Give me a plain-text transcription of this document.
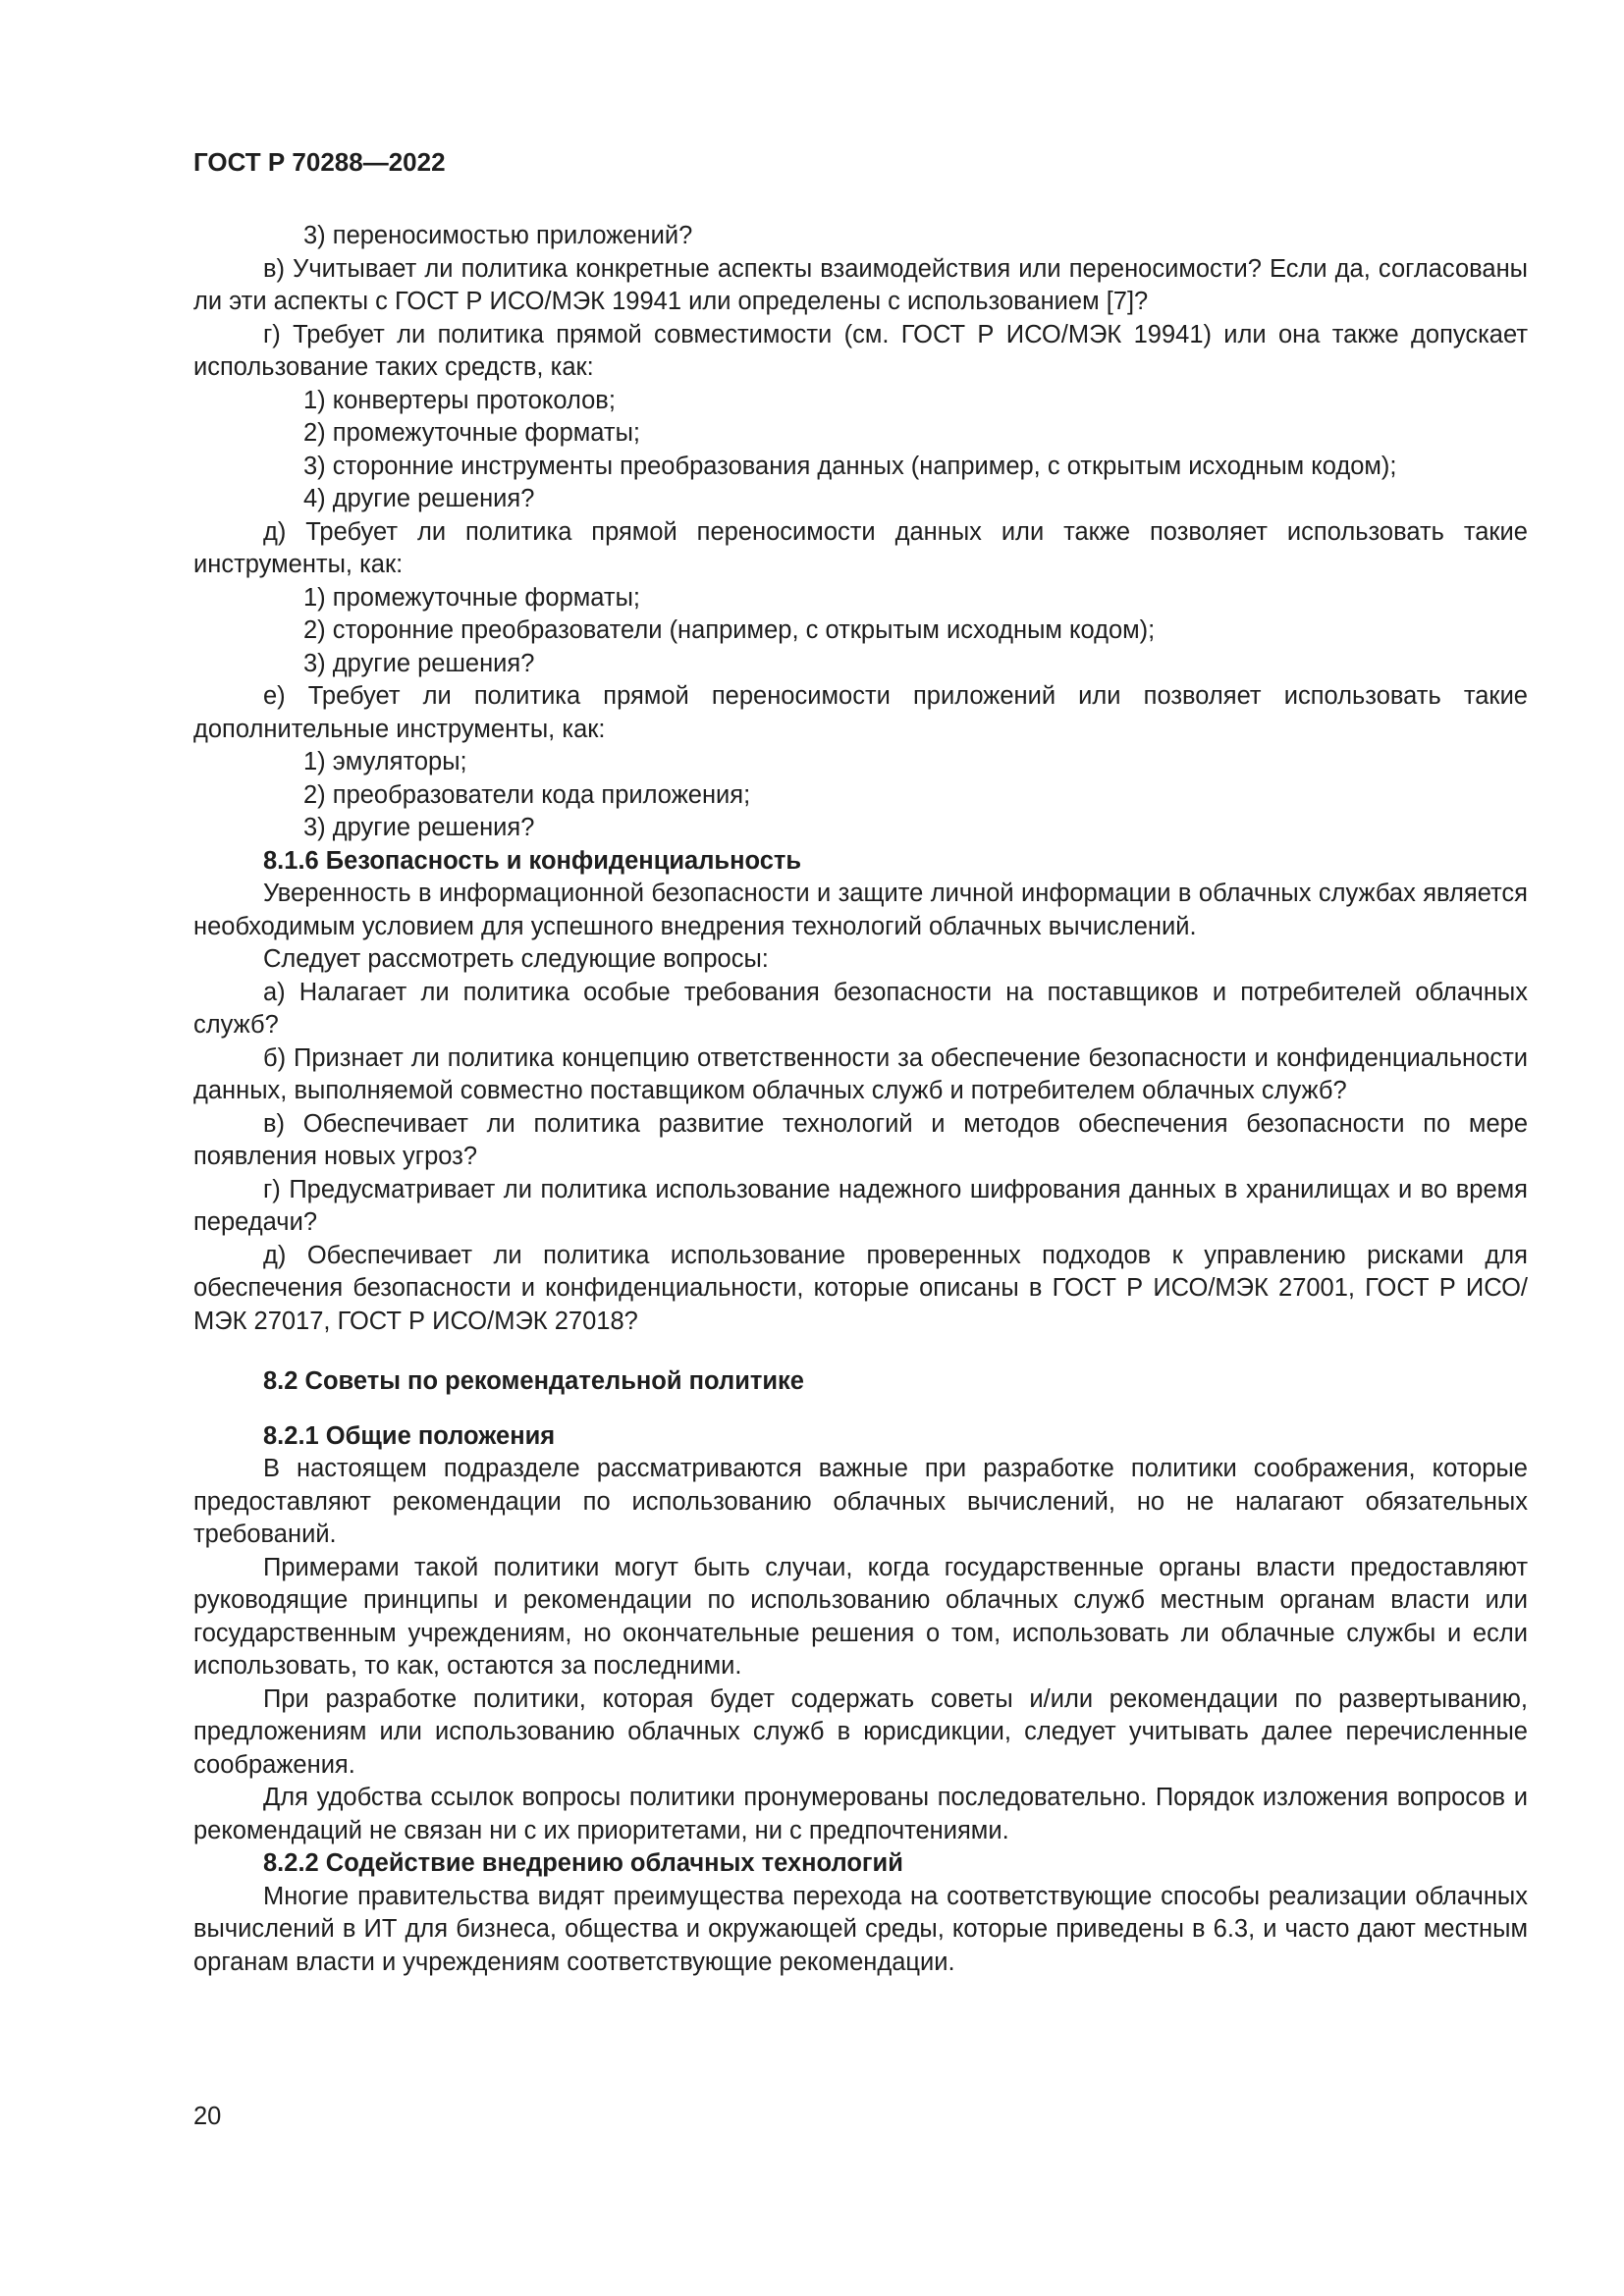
ГОСТ Р 70288—2022

3) переносимостью приложений?

в) Учитывает ли политика конкретные аспекты взаимодействия или переносимости? Если да, согласованы ли эти аспекты с ГОСТ Р ИСО/МЭК 19941 или определены с использованием [7]?

г) Требует ли политика прямой совместимости (см. ГОСТ Р ИСО/МЭК 19941) или она также допускает использование таких средств, как:

1) конвертеры протоколов;

2) промежуточные форматы;

3) сторонние инструменты преобразования данных (например, с открытым исходным кодом);

4) другие решения?

д) Требует ли политика прямой переносимости данных или также позволяет использовать такие инструменты, как:

1) промежуточные форматы;

2) сторонние преобразователи (например, с открытым исходным кодом);

3) другие решения?

е) Требует ли политика прямой переносимости приложений или позволяет использовать такие дополнительные инструменты, как:

1) эмуляторы;

2) преобразователи кода приложения;

3) другие решения?

8.1.6 Безопасность и конфиденциальность

Уверенность в информационной безопасности и защите личной информации в облачных службах является необходимым условием для успешного внедрения технологий облачных вычислений.

Следует рассмотреть следующие вопросы:

а) Налагает ли политика особые требования безопасности на поставщиков и потребителей облачных служб?

б) Признает ли политика концепцию ответственности за обеспечение безопасности и конфиденциальности данных, выполняемой совместно поставщиком облачных служб и потребителем облачных служб?

в) Обеспечивает ли политика развитие технологий и методов обеспечения безопасности по мере появления новых угроз?

г) Предусматривает ли политика использование надежного шифрования данных в хранилищах и во время передачи?

д) Обеспечивает ли политика использование проверенных подходов к управлению рисками для обеспечения безопасности и конфиденциальности, которые описаны в ГОСТ Р ИСО/МЭК 27001, ГОСТ Р ИСО/МЭК 27017, ГОСТ Р ИСО/МЭК 27018?

8.2 Советы по рекомендательной политике

8.2.1 Общие положения

В настоящем подразделе рассматриваются важные при разработке политики соображения, которые предоставляют рекомендации по использованию облачных вычислений, но не налагают обязательных требований.

Примерами такой политики могут быть случаи, когда государственные органы власти предоставляют руководящие принципы и рекомендации по использованию облачных служб местным органам власти или государственным учреждениям, но окончательные решения о том, использовать ли облачные службы и если использовать, то как, остаются за последними.

При разработке политики, которая будет содержать советы и/или рекомендации по развертыванию, предложениям или использованию облачных служб в юрисдикции, следует учитывать далее перечисленные соображения.

Для удобства ссылок вопросы политики пронумерованы последовательно. Порядок изложения вопросов и рекомендаций не связан ни с их приоритетами, ни с предпочтениями.

8.2.2 Содействие внедрению облачных технологий

Многие правительства видят преимущества перехода на соответствующие способы реализации облачных вычислений в ИТ для бизнеса, общества и окружающей среды, которые приведены в 6.3, и часто дают местным органам власти и учреждениям соответствующие рекомендации.

20
